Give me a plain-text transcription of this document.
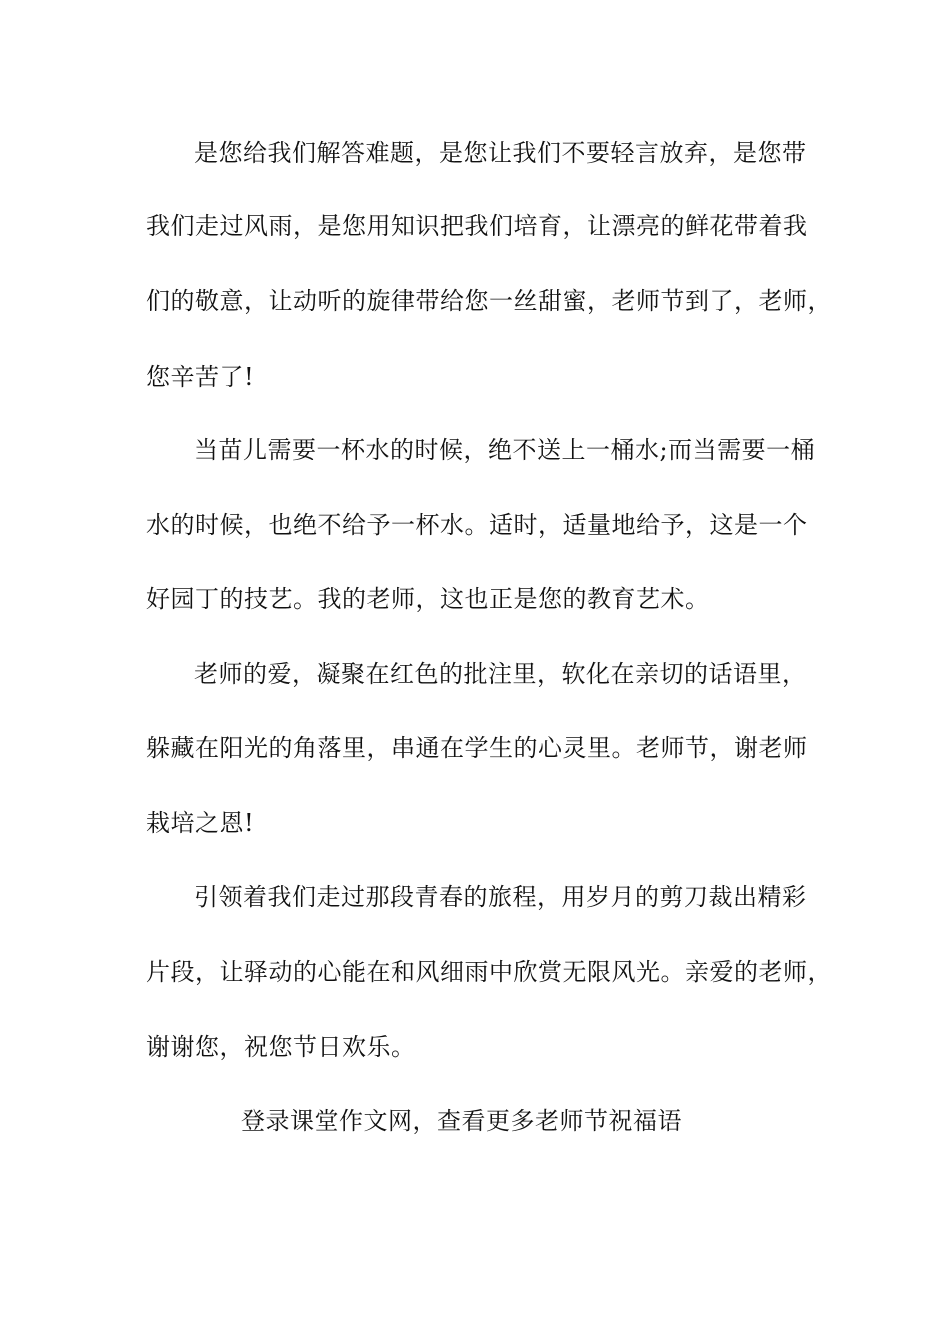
是您给我们解答难题，是您让我们不要轻言放弃，是您带
我们走过风雨，是您用知识把我们培育，让漂亮的鲜花带着我
们的敬意，让动听的旋律带给您一丝甜蜜，老师节到了，老师，
您辛苦了!
当苗儿需要一杯水的时候，绝不送上一桶水;而当需要一桶
水的时候，也绝不给予一杯水。适时，适量地给予，这是一个
好园丁的技艺。我的老师，这也正是您的教育艺术。
老师的爱，凝聚在红色的批注里，软化在亲切的话语里，
躲藏在阳光的角落里，串通在学生的心灵里。老师节，谢老师
栽培之恩!
引领着我们走过那段青春的旅程，用岁月的剪刀裁出精彩
片段，让驿动的心能在和风细雨中欣赏无限风光。亲爱的老师，
谢谢您，祝您节日欢乐。
登录课堂作文网，查看更多老师节祝福语
